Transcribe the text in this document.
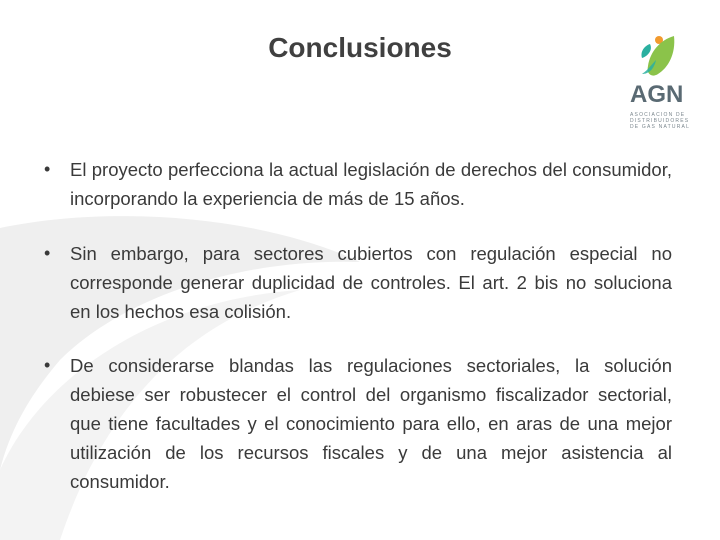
Conclusiones
AGN
ASOCIACION DE DISTRIBUIDORES DE GAS NATURAL
• El proyecto perfecciona la actual legislación de derechos del consumidor, incorporando la experiencia de más de 15 años.
• Sin embargo, para sectores cubiertos con regulación especial no corresponde generar duplicidad de controles. El art. 2 bis no soluciona en los hechos esa colisión.
• De considerarse blandas las regulaciones sectoriales, la solución debiese ser robustecer el control del organismo fiscalizador sectorial, que tiene facultades y el conocimiento para ello, en aras de una mejor utilización de los recursos fiscales y de una mejor asistencia al consumidor.
